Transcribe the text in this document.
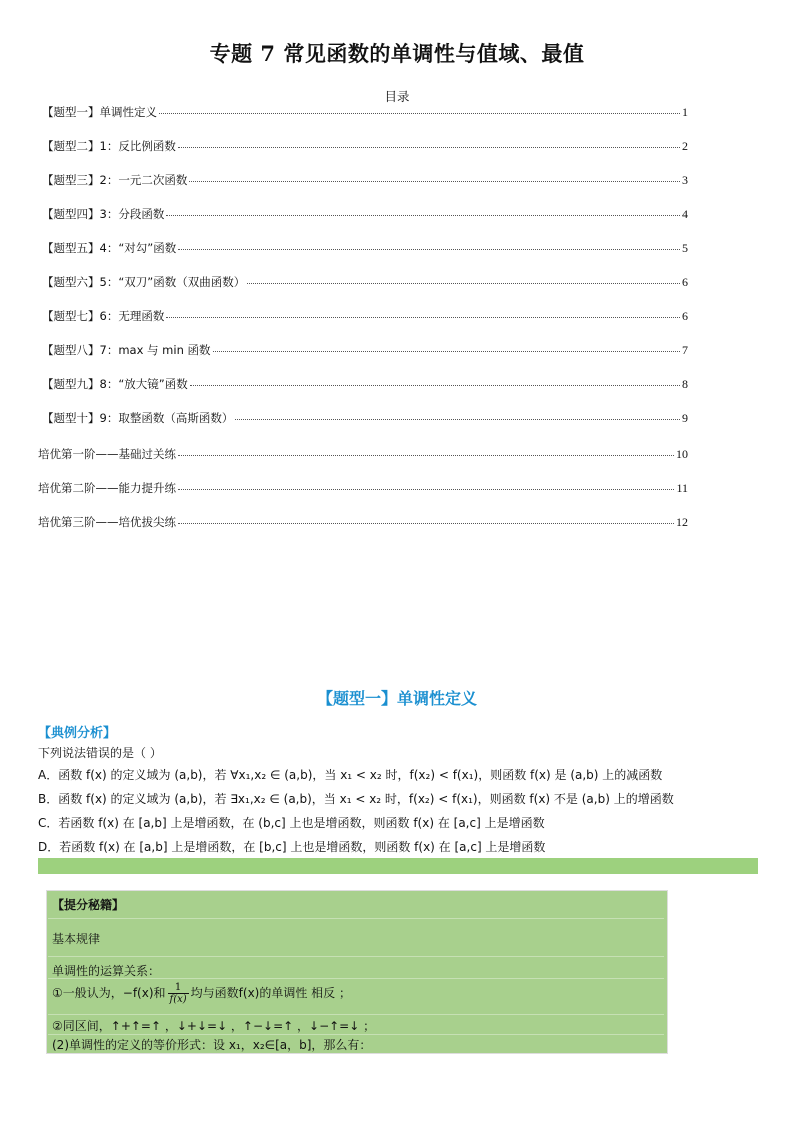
专题 7 常见函数的单调性与值域、最值
目录
【题型一】单调性定义	1
【题型二】1：反比例函数	2
【题型三】2：一元二次函数	3
【题型四】3：分段函数	4
【题型五】4：“对勾”函数	5
【题型六】5：“双刀”函数（双曲函数）	6
【题型七】6：无理函数	6
【题型八】7：max 与 min 函数	7
【题型九】8：“放大镜”函数	8
【题型十】9：取整函数（高斯函数）	9
培优第一阶——基础过关练	10
培优第二阶——能力提升练	11
培优第三阶——培优拔尖练	12
【题型一】单调性定义
【典例分析】
下列说法错误的是（ ）
A．函数 f(x) 的定义域为 (a,b)，若 ∀x₁,x₂ ∈ (a,b)，当 x₁ < x₂ 时，f(x₂) < f(x₁)，则函数 f(x) 是 (a,b) 上的减函数
B．函数 f(x) 的定义域为 (a,b)，若 ∃x₁,x₂ ∈ (a,b)，当 x₁ < x₂ 时，f(x₂) < f(x₁)，则函数 f(x) 不是 (a,b) 上的增函数
C．若函数 f(x) 在 [a,b] 上是增函数，在 (b,c] 上也是增函数，则函数 f(x) 在 [a,c] 上是增函数
D．若函数 f(x) 在 [a,b] 上是增函数，在 [b,c] 上也是增函数，则函数 f(x) 在 [a,c] 上是增函数
【提分秘籍】
基本规律
单调性的运算关系：
①一般认为，−f(x)和 $\frac{1}{f(x)}$ 均与函数f(x)的单调性 相反 ；
②同区间，↑+↑=↑ ，↓+↓=↓ ，↑−↓=↑ ，↓−↑=↓ ；
(2)单调性的定义的等价形式：设 x₁，x₂∈[a，b]，那么有：
